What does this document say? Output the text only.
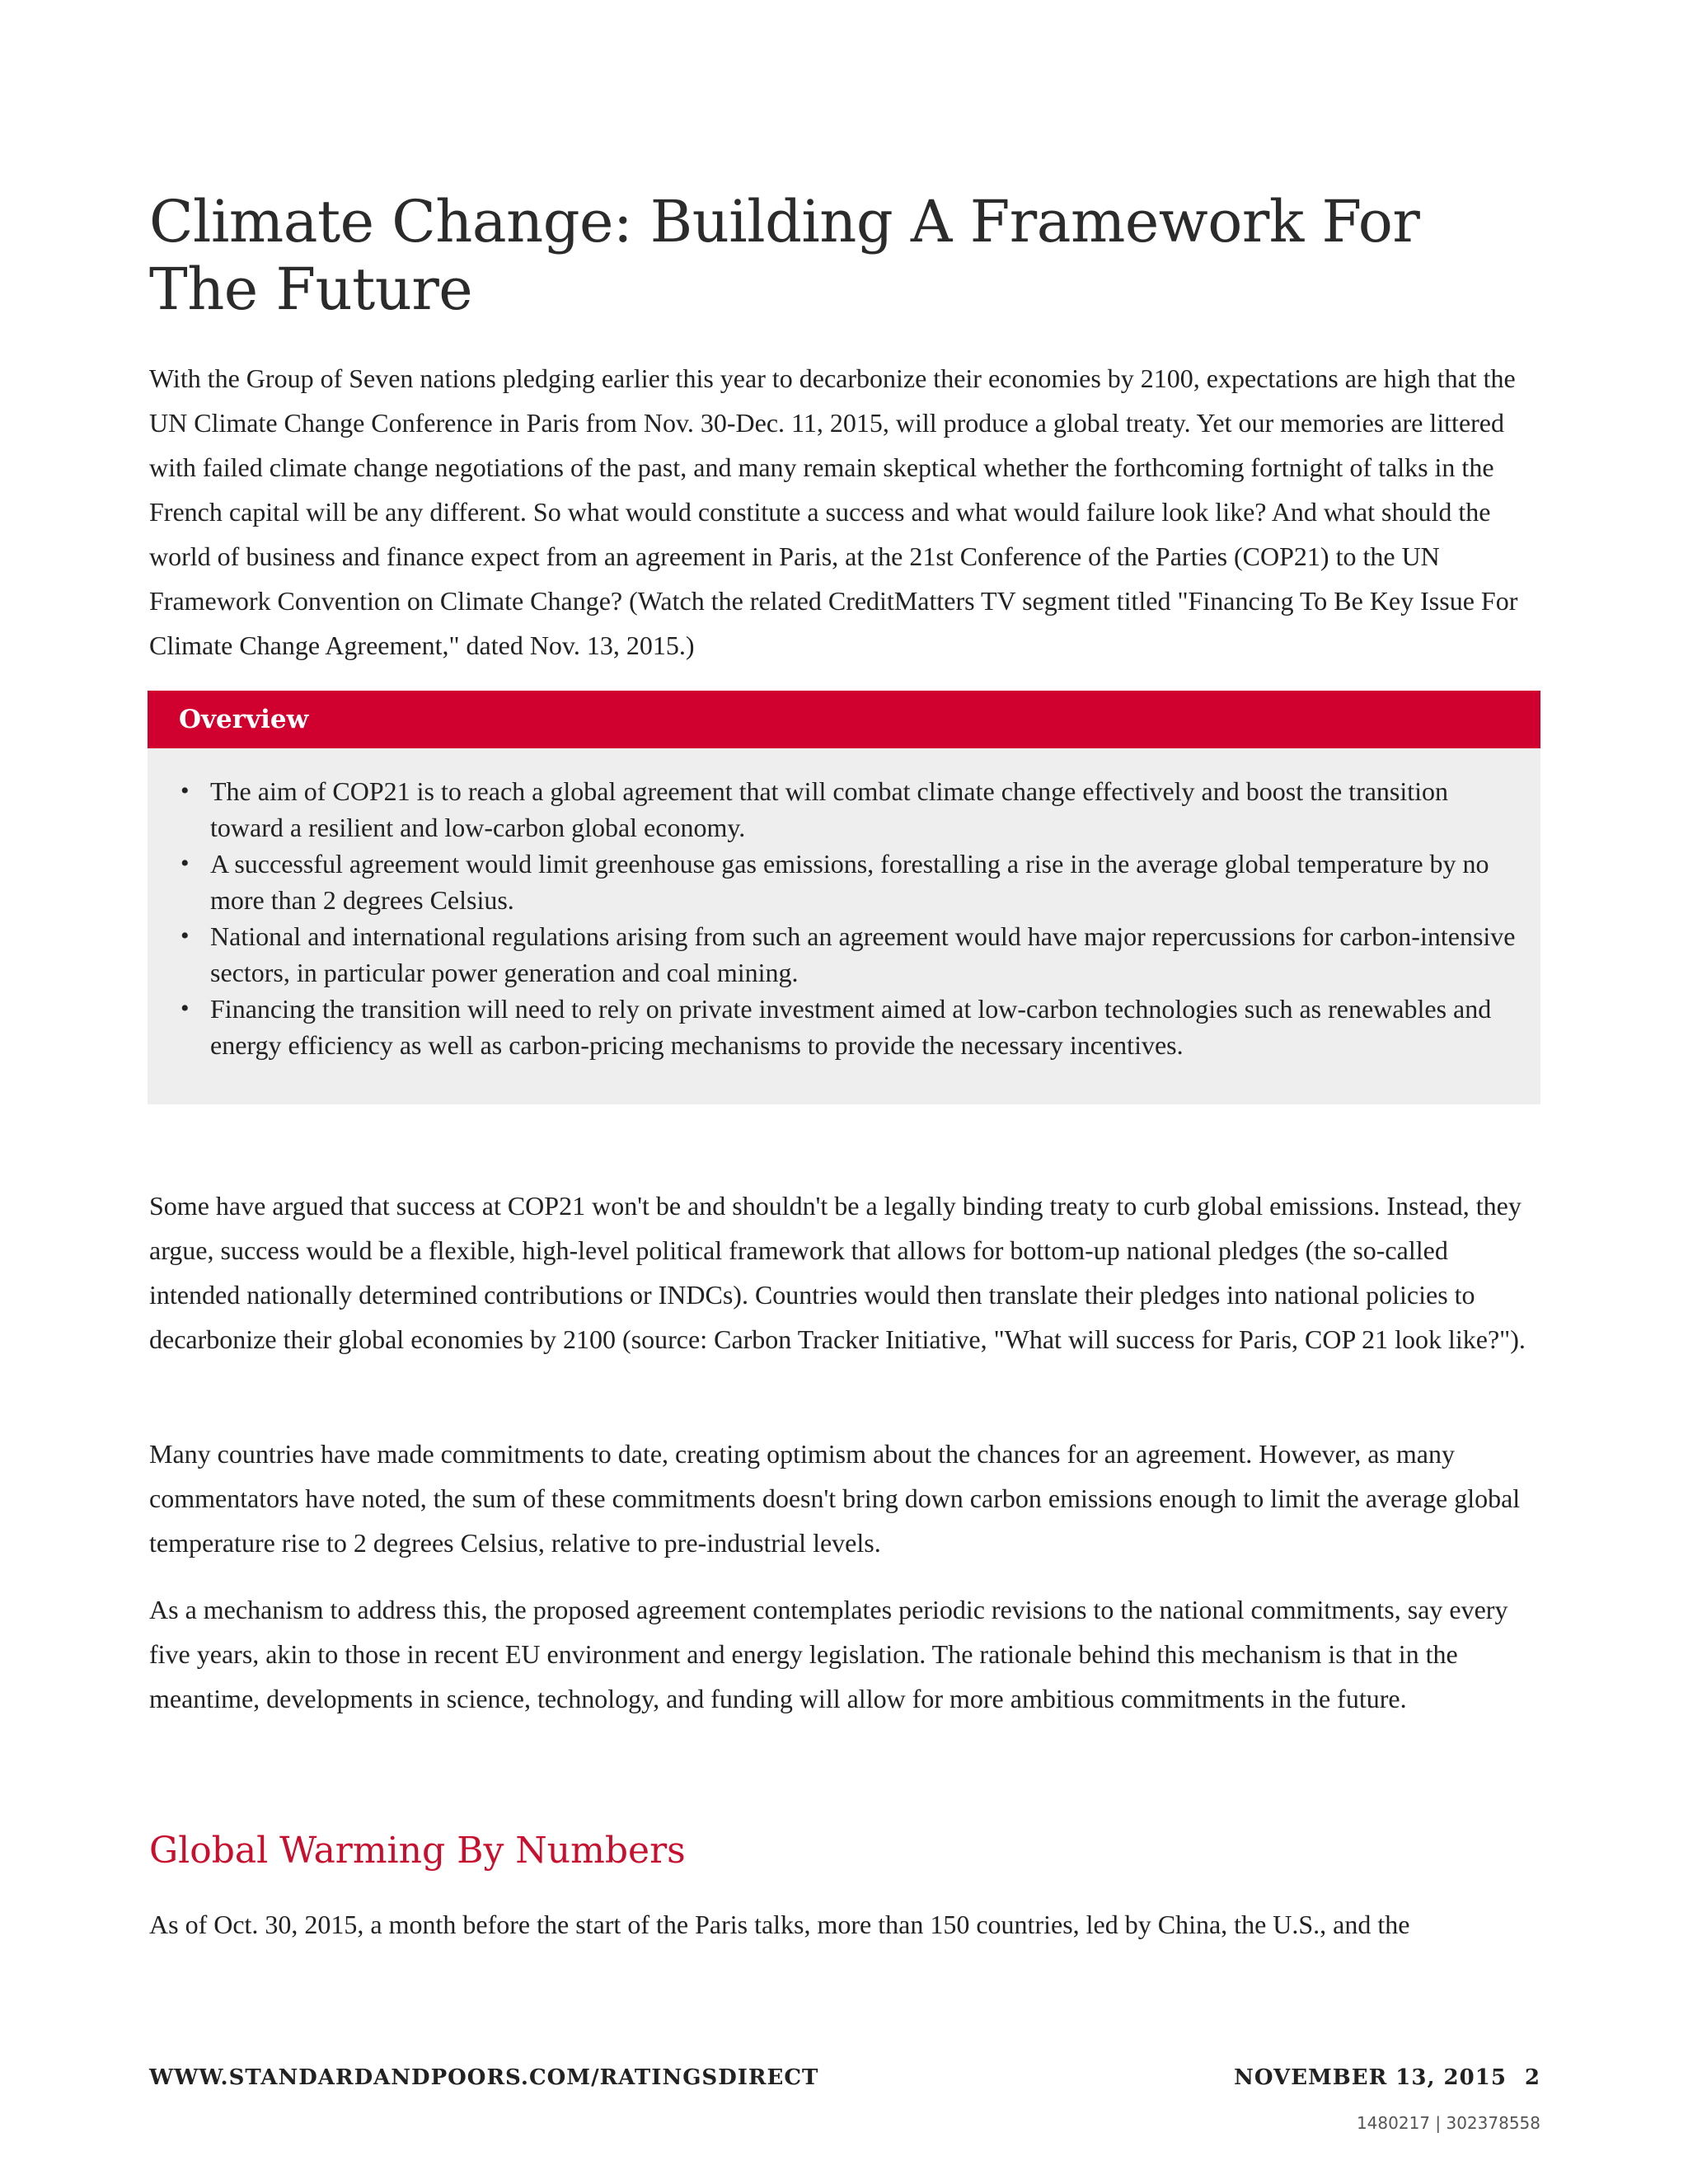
Climate Change: Building A Framework For The Future

With the Group of Seven nations pledging earlier this year to decarbonize their economies by 2100, expectations are high that the UN Climate Change Conference in Paris from Nov. 30-Dec. 11, 2015, will produce a global treaty. Yet our memories are littered with failed climate change negotiations of the past, and many remain skeptical whether the forthcoming fortnight of talks in the French capital will be any different. So what would constitute a success and what would failure look like? And what should the world of business and finance expect from an agreement in Paris, at the 21st Conference of the Parties (COP21) to the UN Framework Convention on Climate Change? (Watch the related CreditMatters TV segment titled "Financing To Be Key Issue For Climate Change Agreement," dated Nov. 13, 2015.)

Overview
• The aim of COP21 is to reach a global agreement that will combat climate change effectively and boost the transition toward a resilient and low-carbon global economy.
• A successful agreement would limit greenhouse gas emissions, forestalling a rise in the average global temperature by no more than 2 degrees Celsius.
• National and international regulations arising from such an agreement would have major repercussions for carbon-intensive sectors, in particular power generation and coal mining.
• Financing the transition will need to rely on private investment aimed at low-carbon technologies such as renewables and energy efficiency as well as carbon-pricing mechanisms to provide the necessary incentives.

Some have argued that success at COP21 won't be and shouldn't be a legally binding treaty to curb global emissions. Instead, they argue, success would be a flexible, high-level political framework that allows for bottom-up national pledges (the so-called intended nationally determined contributions or INDCs). Countries would then translate their pledges into national policies to decarbonize their global economies by 2100 (source: Carbon Tracker Initiative, "What will success for Paris, COP 21 look like?").

Many countries have made commitments to date, creating optimism about the chances for an agreement. However, as many commentators have noted, the sum of these commitments doesn't bring down carbon emissions enough to limit the average global temperature rise to 2 degrees Celsius, relative to pre-industrial levels.

As a mechanism to address this, the proposed agreement contemplates periodic revisions to the national commitments, say every five years, akin to those in recent EU environment and energy legislation. The rationale behind this mechanism is that in the meantime, developments in science, technology, and funding will allow for more ambitious commitments in the future.

Global Warming By Numbers

As of Oct. 30, 2015, a month before the start of the Paris talks, more than 150 countries, led by China, the U.S., and the

WWW.STANDARDANDPOORS.COM/RATINGSDIRECT	NOVEMBER 13, 2015 2
1480217 | 302378558
